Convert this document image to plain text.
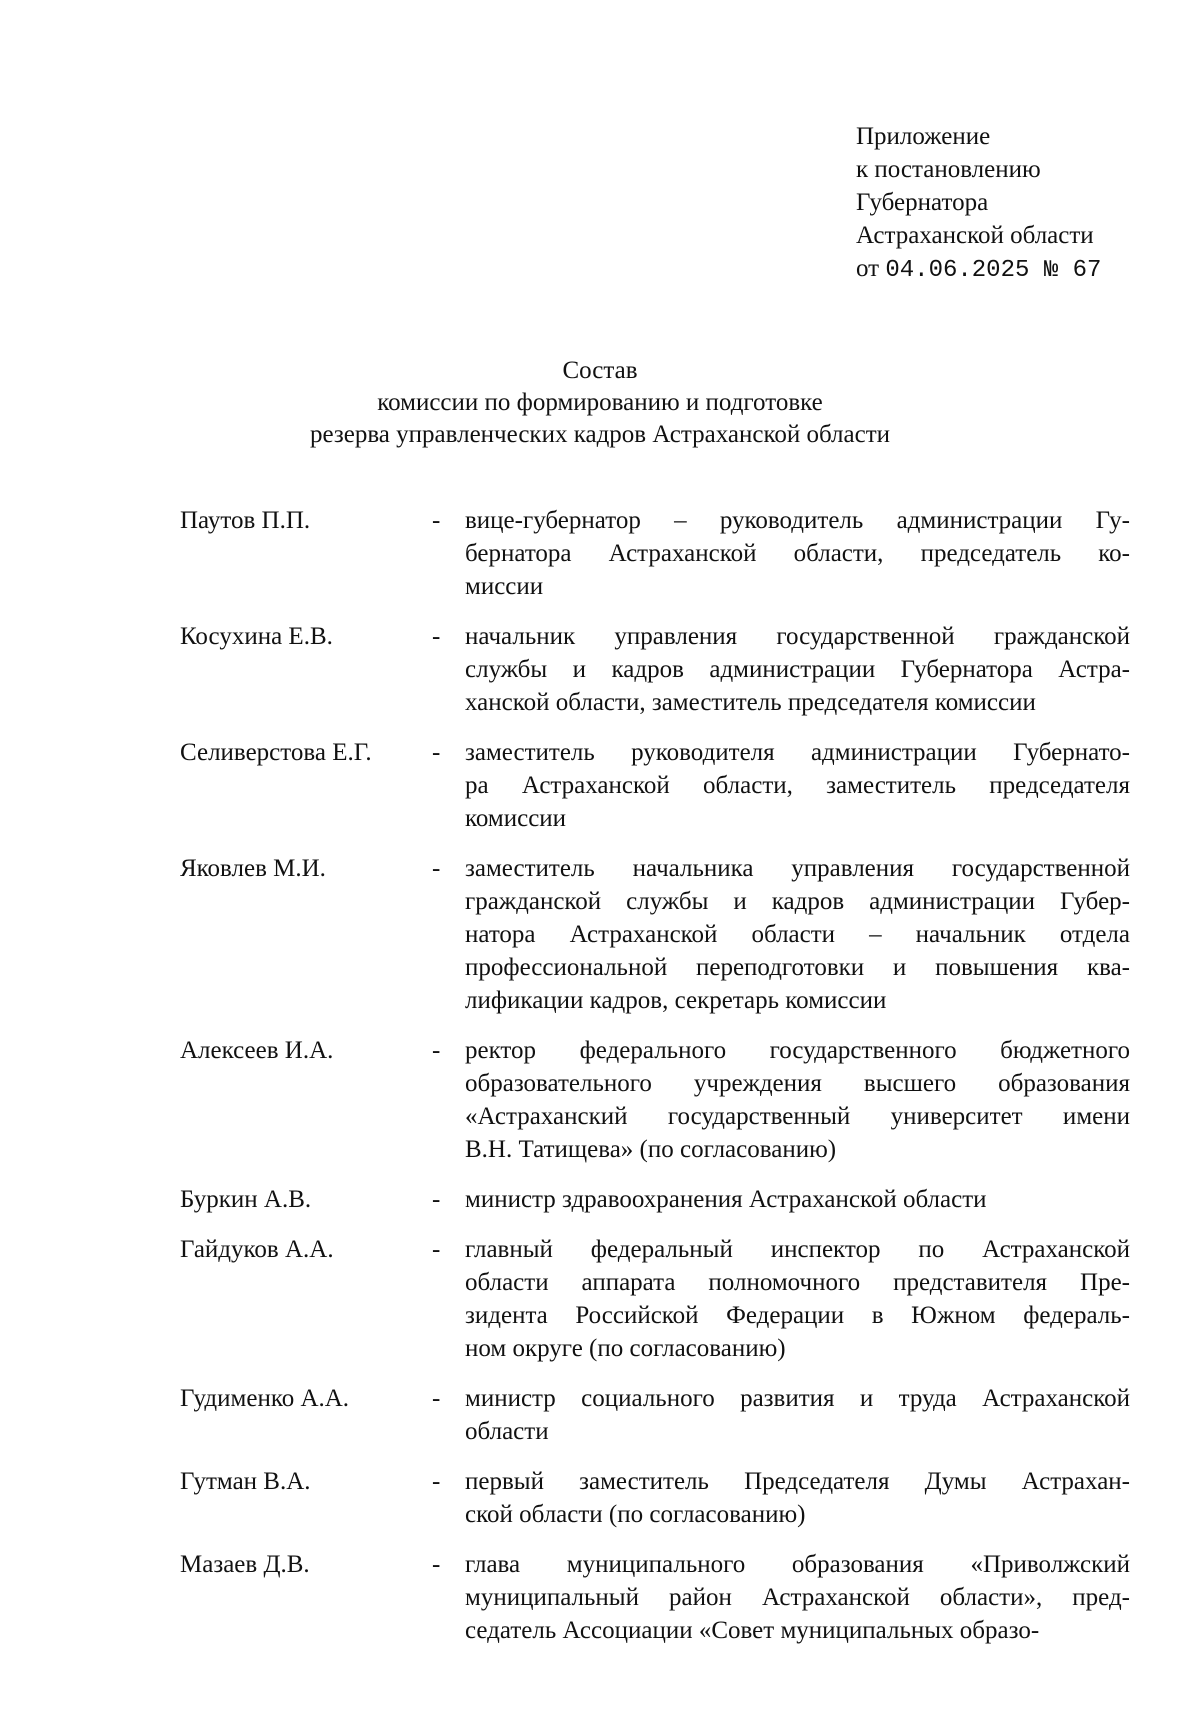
Приложение
к постановлению
Губернатора
Астраханской области
от 04.06.2025 № 67
Состав
комиссии по формированию и подготовке
резерва управленческих кадров Астраханской области
Паутов П.П.	- вице-губернатор – руководитель администрации Гу-
бернатора Астраханской области, председатель ко-
миссии
Косухина Е.В.	- начальник управления государственной гражданской
службы и кадров администрации Губернатора Астра-
ханской области, заместитель председателя комиссии
Селиверстова Е.Г.	- заместитель руководителя администрации Губернато-
ра Астраханской области, заместитель председателя
комиссии
Яковлев М.И.	- заместитель начальника управления государственной
гражданской службы и кадров администрации Губер-
натора Астраханской области – начальник отдела
профессиональной переподготовки и повышения ква-
лификации кадров, секретарь комиссии
Алексеев И.А.	- ректор федерального государственного бюджетного
образовательного учреждения высшего образования
«Астраханский государственный университет имени
В.Н. Татищева» (по согласованию)
Буркин А.В.	- министр здравоохранения Астраханской области
Гайдуков А.А.	- главный федеральный инспектор по Астраханской
области аппарата полномочного представителя Пре-
зидента Российской Федерации в Южном федераль-
ном округе (по согласованию)
Гудименко А.А.	- министр социального развития и труда Астраханской
области
Гутман В.А.	- первый заместитель Председателя Думы Астрахан-
ской области (по согласованию)
Мазаев Д.В.	- глава муниципального образования «Приволжский
муниципальный район Астраханской области», пред-
седатель Ассоциации «Совет муниципальных образо-
